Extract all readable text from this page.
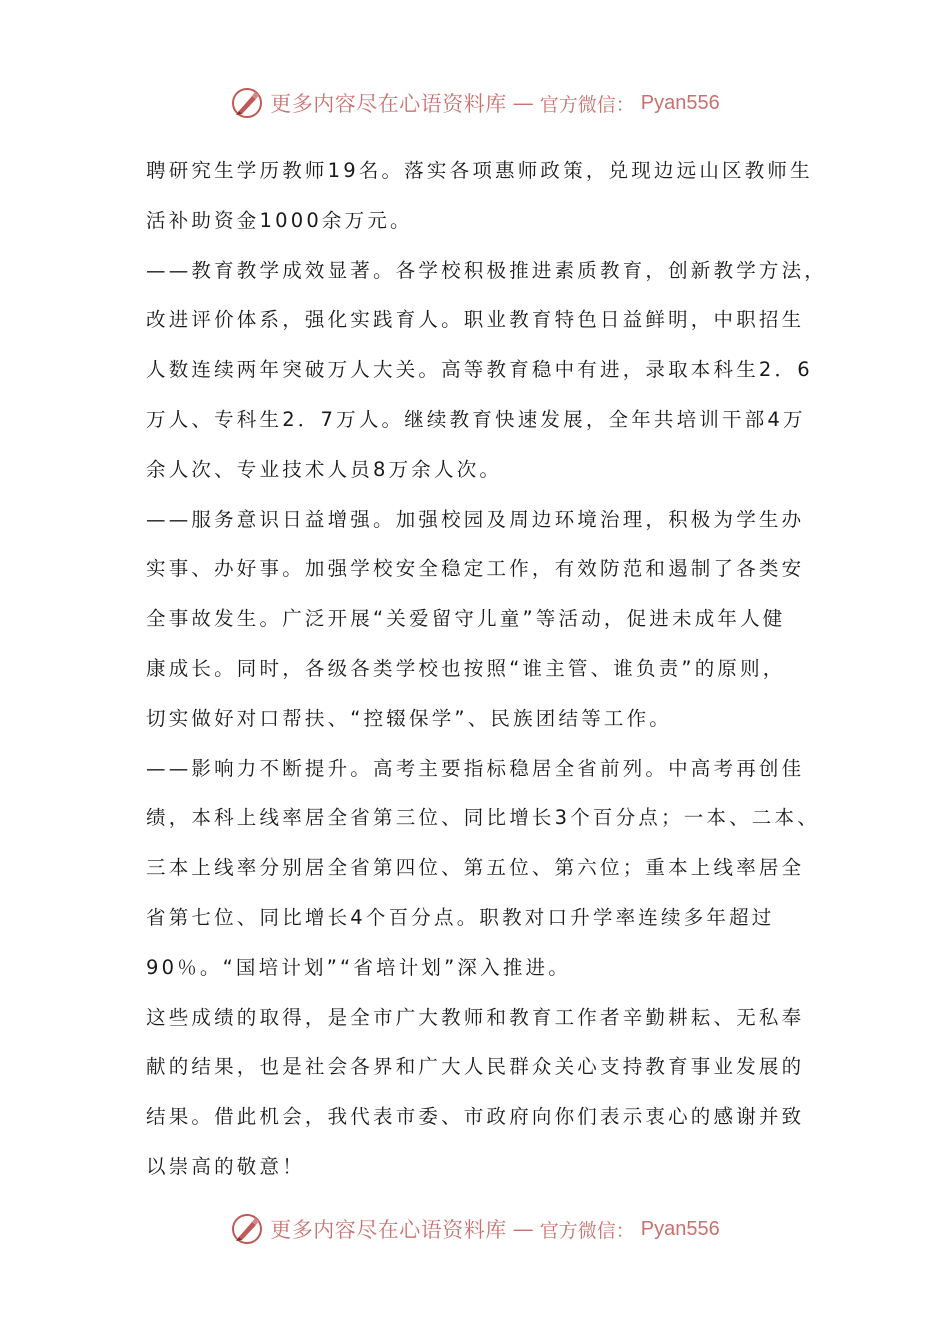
更多内容尽在心语资料库 — 官方微信： Pyan556
聘研究生学历教师19名。落实各项惠师政策，兑现边远山区教师生
活补助资金1000余万元。
——教育教学成效显著。各学校积极推进素质教育，创新教学方法，
改进评价体系，强化实践育人。职业教育特色日益鲜明，中职招生
人数连续两年突破万人大关。高等教育稳中有进，录取本科生2．6
万人、专科生2．7万人。继续教育快速发展，全年共培训干部4万
余人次、专业技术人员8万余人次。
——服务意识日益增强。加强校园及周边环境治理，积极为学生办
实事、办好事。加强学校安全稳定工作，有效防范和遏制了各类安
全事故发生。广泛开展“关爱留守儿童”等活动，促进未成年人健
康成长。同时，各级各类学校也按照“谁主管、谁负责”的原则，
切实做好对口帮扶、“控辍保学”、民族团结等工作。
——影响力不断提升。高考主要指标稳居全省前列。中高考再创佳
绩，本科上线率居全省第三位、同比增长3个百分点；一本、二本、
三本上线率分别居全省第四位、第五位、第六位；重本上线率居全
省第七位、同比增长4个百分点。职教对口升学率连续多年超过
90％。“国培计划”“省培计划”深入推进。
这些成绩的取得，是全市广大教师和教育工作者辛勤耕耘、无私奉
献的结果，也是社会各界和广大人民群众关心支持教育事业发展的
结果。借此机会，我代表市委、市政府向你们表示衷心的感谢并致
以崇高的敬意！
更多内容尽在心语资料库 — 官方微信： Pyan556
